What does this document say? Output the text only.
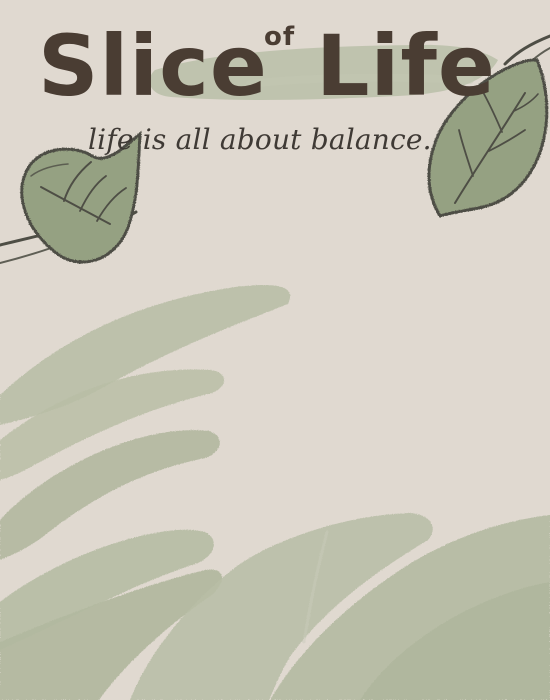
Slice
of Life
life is all about balance.
